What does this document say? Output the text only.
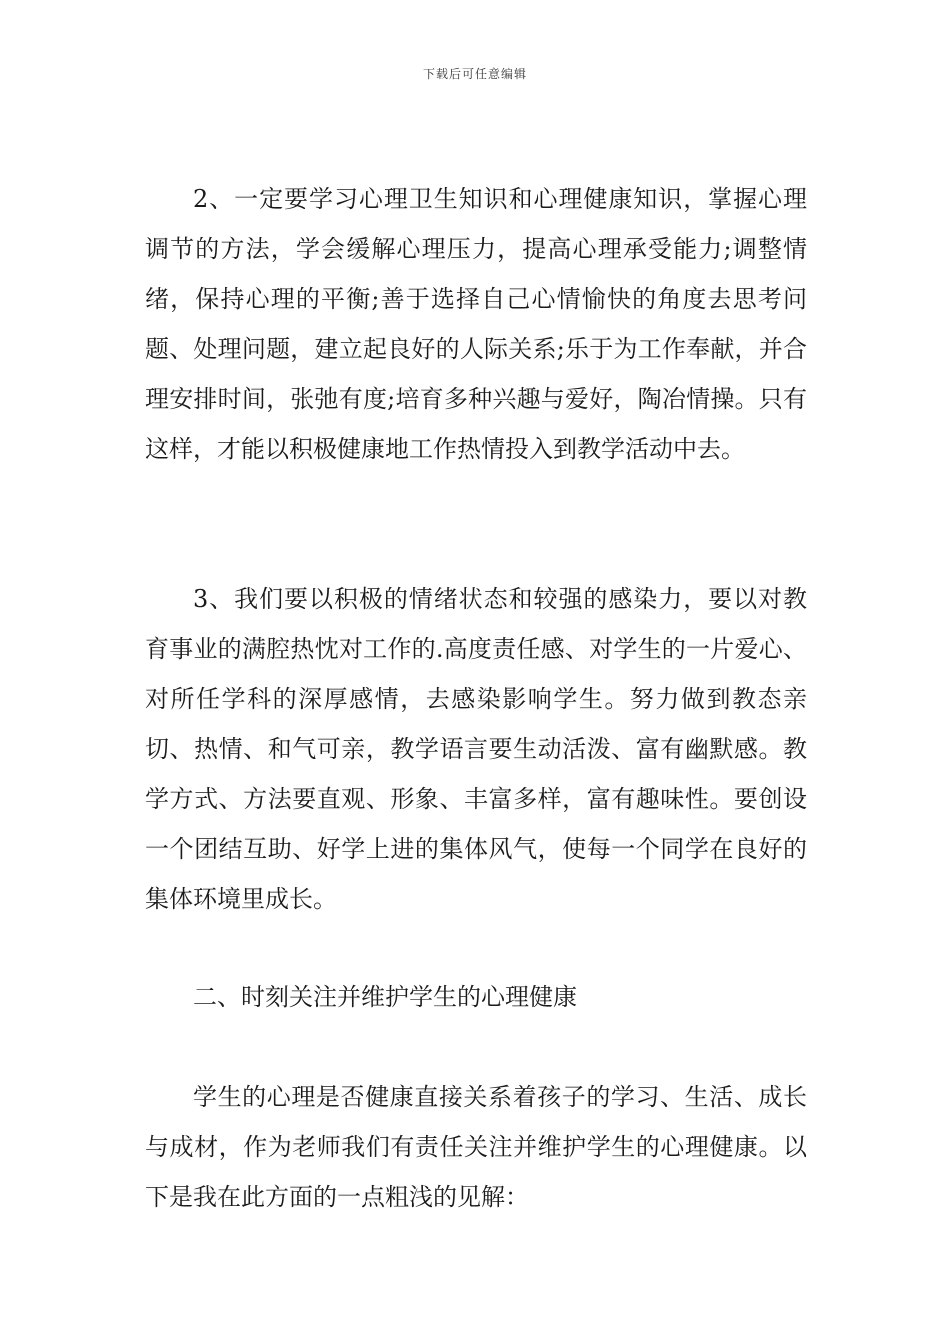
下载后可任意编辑

2、一定要学习心理卫生知识和心理健康知识，掌握心理调节的方法，学会缓解心理压力，提高心理承受能力;调整情绪，保持心理的平衡;善于选择自己心情愉快的角度去思考问题、处理问题，建立起良好的人际关系;乐于为工作奉献，并合理安排时间，张弛有度;培育多种兴趣与爱好，陶冶情操。只有这样，才能以积极健康地工作热情投入到教学活动中去。

3、我们要以积极的情绪状态和较强的感染力，要以对教育事业的满腔热忱对工作的.高度责任感、对学生的一片爱心、对所任学科的深厚感情，去感染影响学生。努力做到教态亲切、热情、和气可亲，教学语言要生动活泼、富有幽默感。教学方式、方法要直观、形象、丰富多样，富有趣味性。要创设一个团结互助、好学上进的集体风气，使每一个同学在良好的集体环境里成长。

二、时刻关注并维护学生的心理健康

学生的心理是否健康直接关系着孩子的学习、生活、成长与成材，作为老师我们有责任关注并维护学生的心理健康。以下是我在此方面的一点粗浅的见解：
